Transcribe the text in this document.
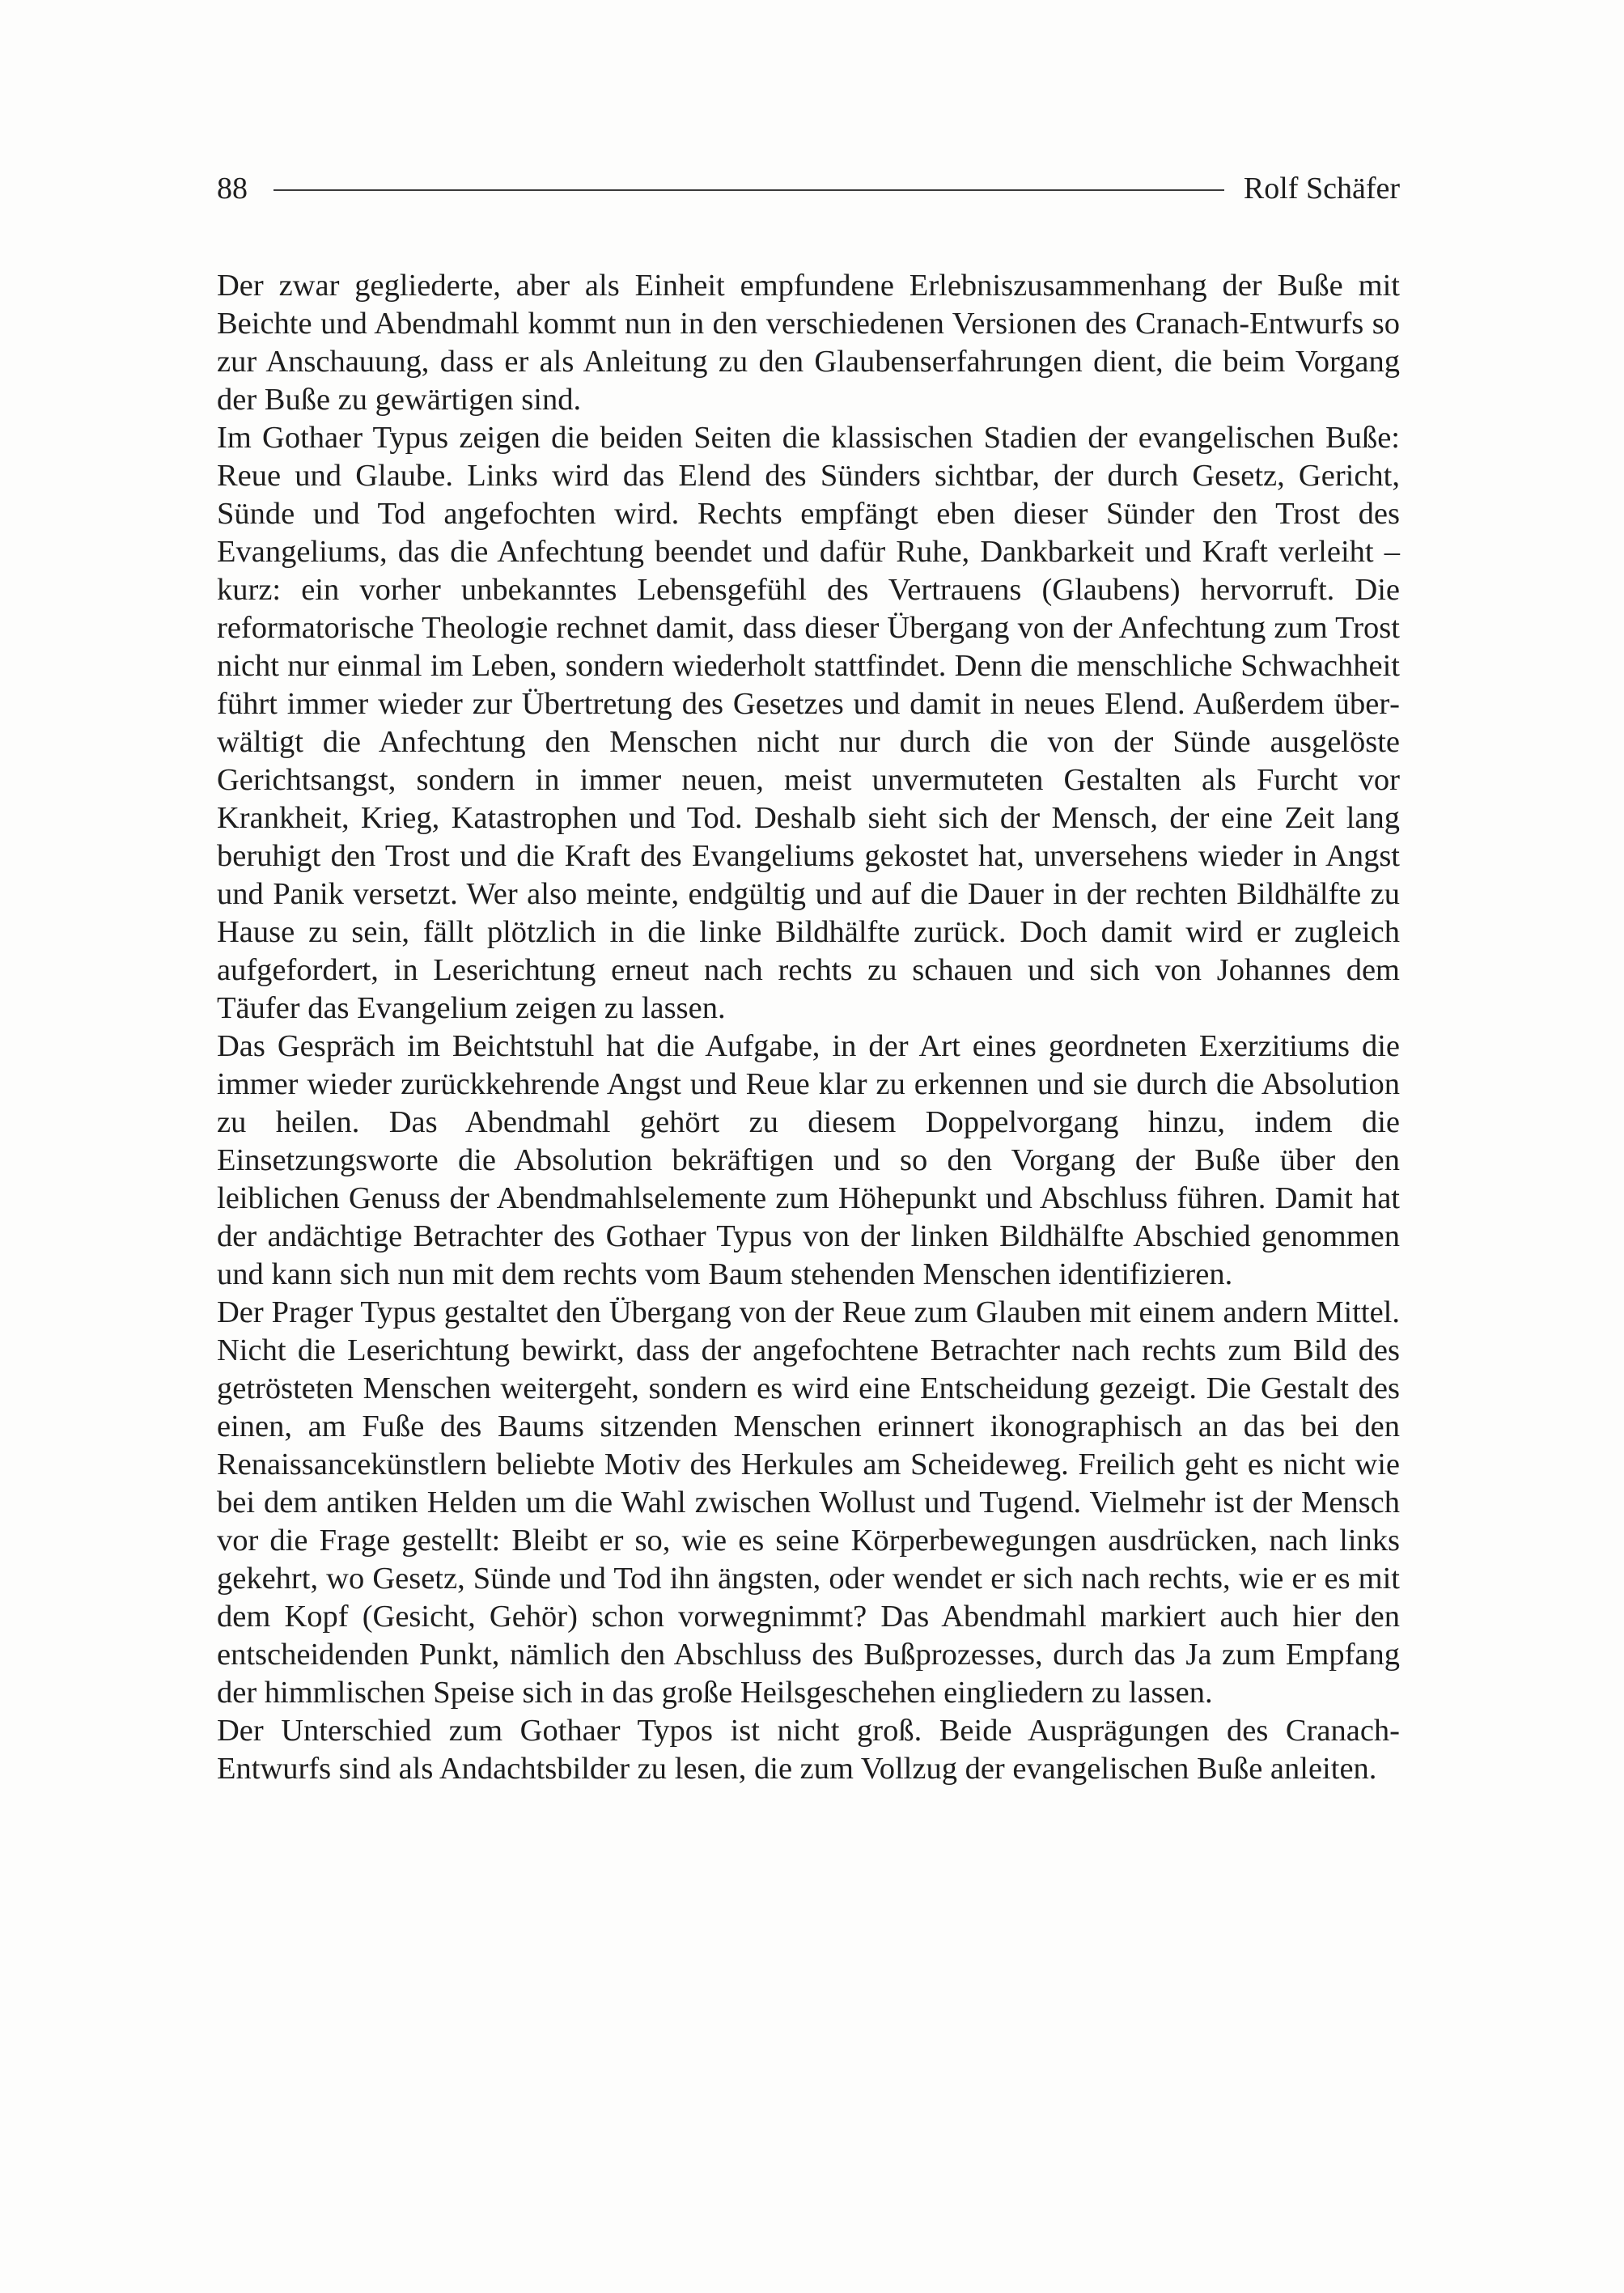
88	Rolf Schäfer

Der zwar gegliederte, aber als Einheit empfundene Erlebniszusammenhang der Buße mit Beichte und Abendmahl kommt nun in den verschiedenen Versionen des Cranach-Entwurfs so zur Anschauung, dass er als Anleitung zu den Glaubenserfahrungen dient, die beim Vorgang der Buße zu gewärtigen sind.

Im Gothaer Typus zeigen die beiden Seiten die klassischen Stadien der evangelischen Buße: Reue und Glaube. Links wird das Elend des Sünders sichtbar, der durch Gesetz, Gericht, Sünde und Tod angefochten wird. Rechts empfängt eben dieser Sünder den Trost des Evangeliums, das die Anfechtung beendet und dafür Ruhe, Dankbarkeit und Kraft verleiht – kurz: ein vorher unbekanntes Lebensgefühl des Vertrauens (Glaubens) hervorruft. Die reformatorische Theologie rechnet damit, dass dieser Übergang von der Anfechtung zum Trost nicht nur einmal im Leben, sondern wiederholt stattfindet. Denn die menschliche Schwachheit führt immer wieder zur Übertretung des Gesetzes und damit in neues Elend. Außerdem überwältigt die Anfechtung den Menschen nicht nur durch die von der Sünde ausgelöste Gerichtsangst, sondern in immer neuen, meist unvermuteten Gestalten als Furcht vor Krankheit, Krieg, Katastrophen und Tod. Deshalb sieht sich der Mensch, der eine Zeit lang beruhigt den Trost und die Kraft des Evangeliums gekostet hat, unversehens wieder in Angst und Panik versetzt. Wer also meinte, endgültig und auf die Dauer in der rechten Bildhälfte zu Hause zu sein, fällt plötzlich in die linke Bildhälfte zurück. Doch damit wird er zugleich aufgefordert, in Leserichtung erneut nach rechts zu schauen und sich von Johannes dem Täufer das Evangelium zeigen zu lassen.

Das Gespräch im Beichtstuhl hat die Aufgabe, in der Art eines geordneten Exerzitiums die immer wieder zurückkehrende Angst und Reue klar zu erkennen und sie durch die Absolution zu heilen. Das Abendmahl gehört zu diesem Doppelvorgang hinzu, indem die Einsetzungsworte die Absolution bekräftigen und so den Vorgang der Buße über den leiblichen Genuss der Abendmahlselemente zum Höhepunkt und Abschluss führen. Damit hat der andächtige Betrachter des Gothaer Typus von der linken Bildhälfte Abschied genommen und kann sich nun mit dem rechts vom Baum stehenden Menschen identifizieren.

Der Prager Typus gestaltet den Übergang von der Reue zum Glauben mit einem andern Mittel. Nicht die Leserichtung bewirkt, dass der angefochtene Betrachter nach rechts zum Bild des getrösteten Menschen weitergeht, sondern es wird eine Entscheidung gezeigt. Die Gestalt des einen, am Fuße des Baums sitzenden Menschen erinnert ikonographisch an das bei den Renaissancekünstlern beliebte Motiv des Herkules am Scheideweg. Freilich geht es nicht wie bei dem antiken Helden um die Wahl zwischen Wollust und Tugend. Vielmehr ist der Mensch vor die Frage gestellt: Bleibt er so, wie es seine Körperbewegungen ausdrücken, nach links gekehrt, wo Gesetz, Sünde und Tod ihn ängsten, oder wendet er sich nach rechts, wie er es mit dem Kopf (Gesicht, Gehör) schon vorwegnimmt? Das Abendmahl markiert auch hier den entscheidenden Punkt, nämlich den Abschluss des Bußprozesses, durch das Ja zum Empfang der himmlischen Speise sich in das große Heilsgeschehen eingliedern zu lassen.

Der Unterschied zum Gothaer Typos ist nicht groß. Beide Ausprägungen des Cranach-Entwurfs sind als Andachtsbilder zu lesen, die zum Vollzug der evangelischen Buße anleiten.
